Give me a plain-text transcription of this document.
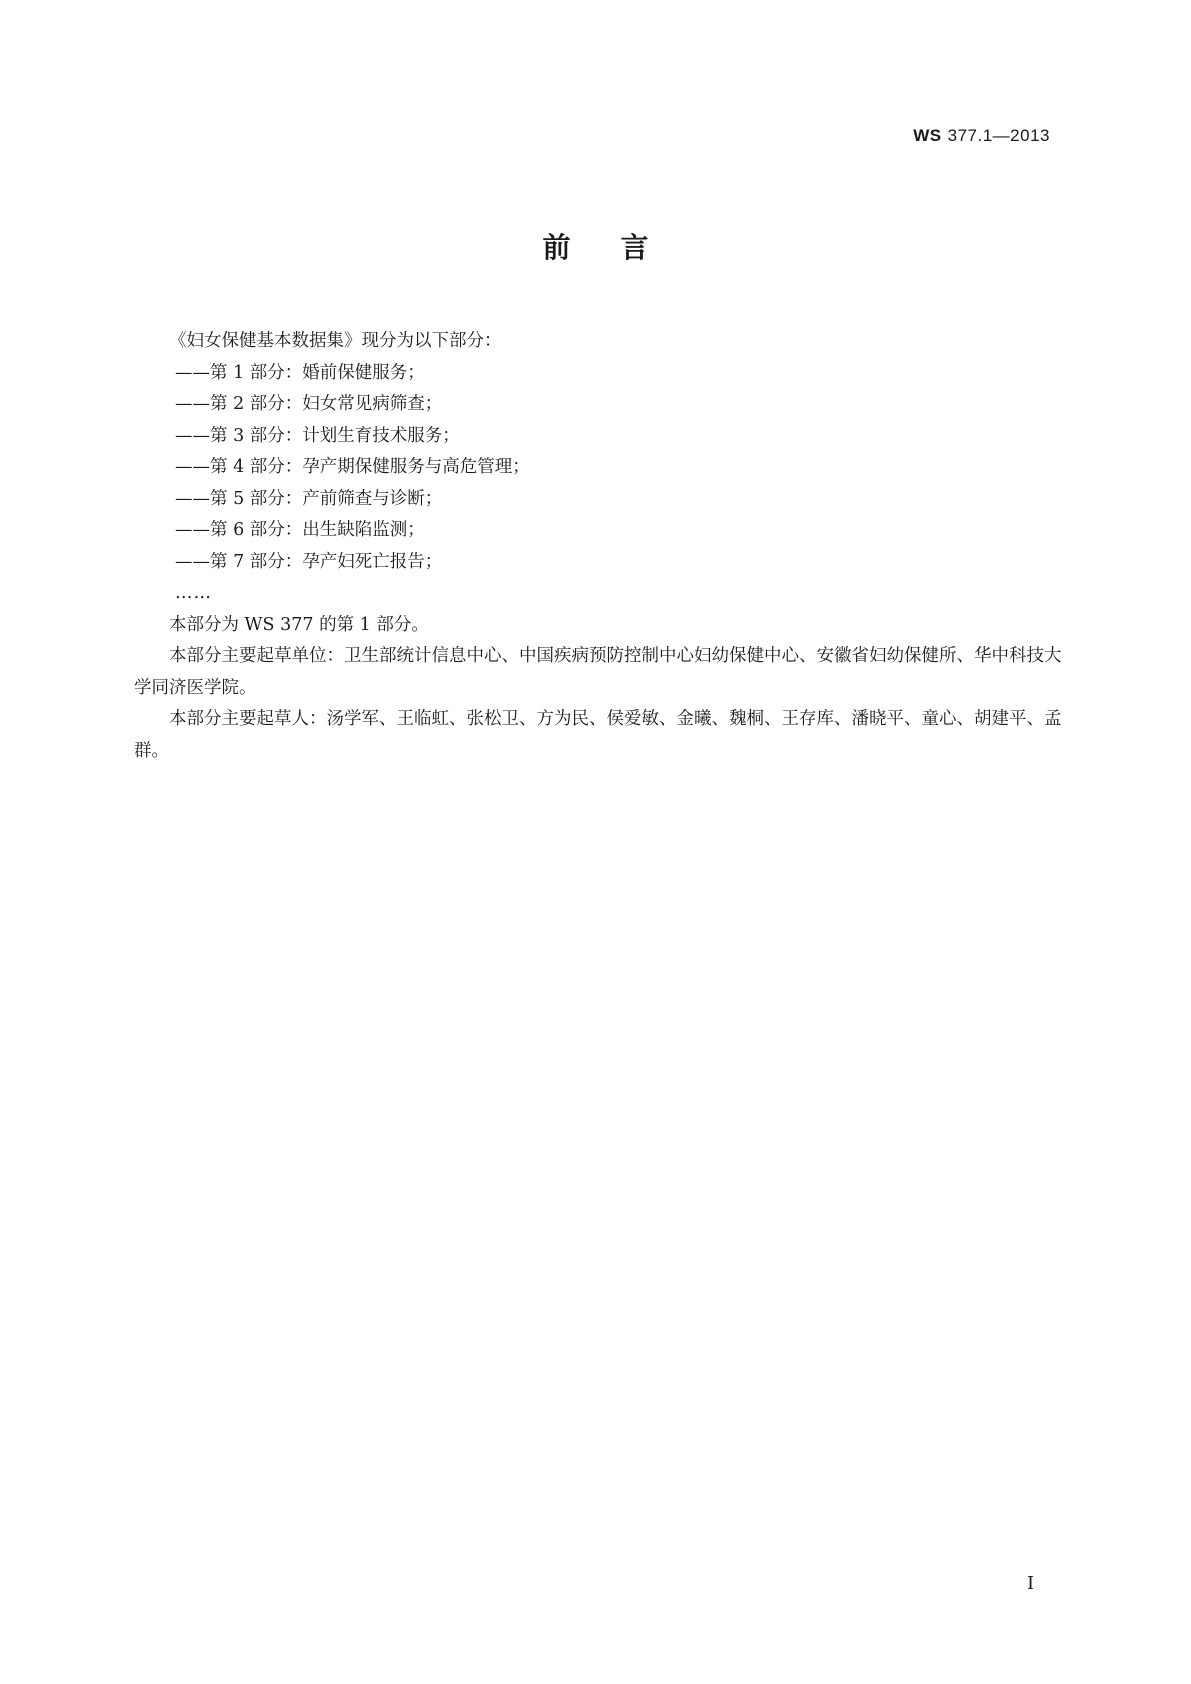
WS 377.1—2013
前言

《妇女保健基本数据集》现分为以下部分：

——第 1 部分：婚前保健服务；

——第 2 部分：妇女常见病筛查；

——第 3 部分：计划生育技术服务；

——第 4 部分：孕产期保健服务与高危管理；

——第 5 部分：产前筛查与诊断；

——第 6 部分：出生缺陷监测；

——第 7 部分：孕产妇死亡报告；

……

本部分为 WS 377 的第 1 部分。

本部分主要起草单位：卫生部统计信息中心、中国疾病预防控制中心妇幼保健中心、安徽省妇幼保健所、华中科技大学同济医学院。

本部分主要起草人：汤学军、王临虹、张松卫、方为民、侯爱敏、金曦、魏桐、王存库、潘晓平、童心、胡建平、孟群。

I
